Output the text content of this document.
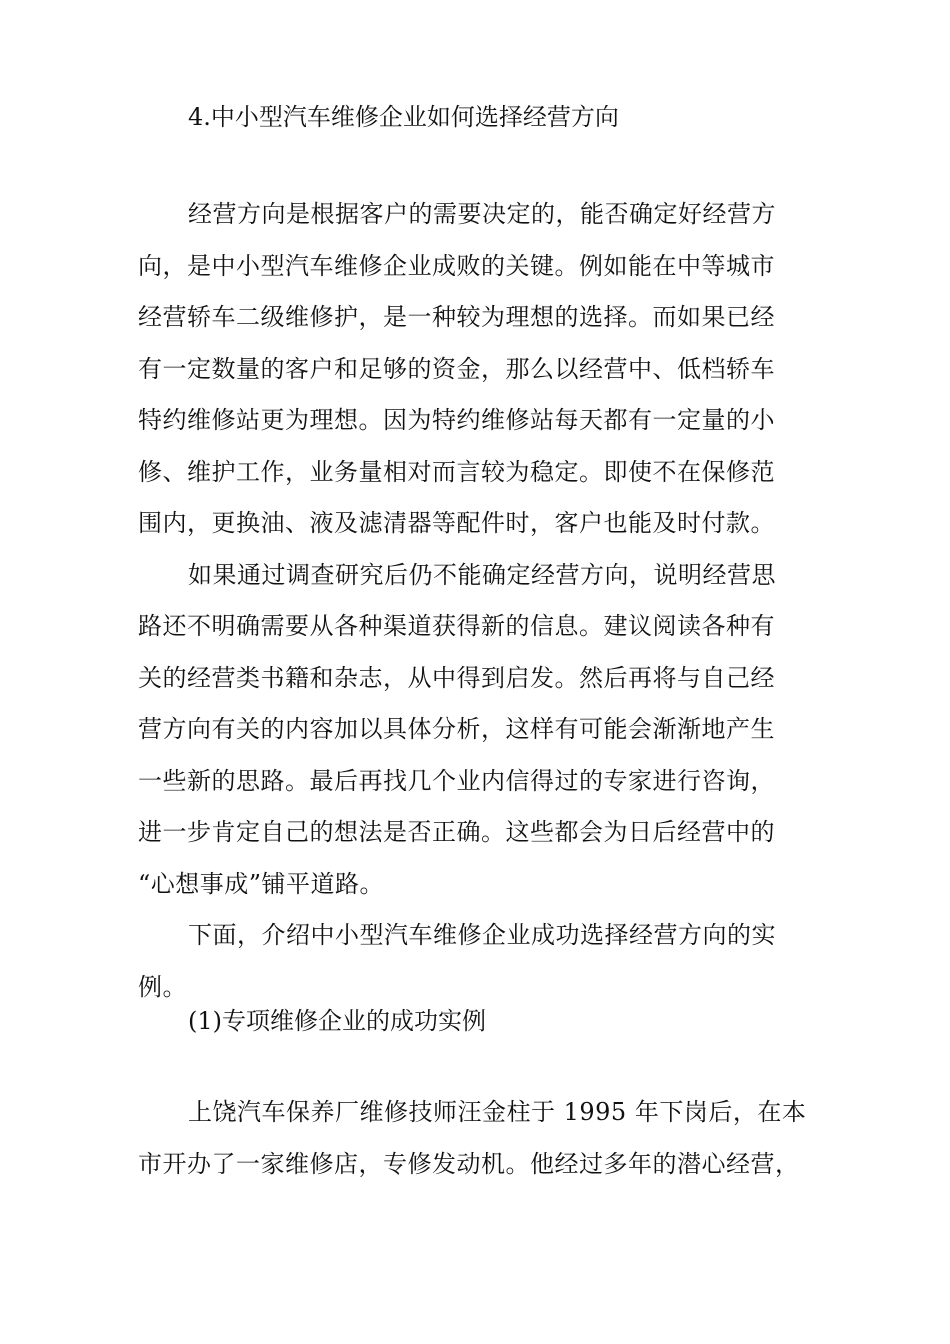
4.中小型汽车维修企业如何选择经营方向
经营方向是根据客户的需要决定的，能否确定好经营方
向，是中小型汽车维修企业成败的关键。例如能在中等城市
经营轿车二级维修护，是一种较为理想的选择。而如果已经
有一定数量的客户和足够的资金，那么以经营中、低档轿车
特约维修站更为理想。因为特约维修站每天都有一定量的小
修、维护工作，业务量相对而言较为稳定。即使不在保修范
围内，更换油、液及滤清器等配件时，客户也能及时付款。
如果通过调查研究后仍不能确定经营方向，说明经营思
路还不明确需要从各种渠道获得新的信息。建议阅读各种有
关的经营类书籍和杂志，从中得到启发。然后再将与自己经
营方向有关的内容加以具体分析，这样有可能会渐渐地产生
一些新的思路。最后再找几个业内信得过的专家进行咨询，
进一步肯定自己的想法是否正确。这些都会为日后经营中的
“心想事成”铺平道路。
下面，介绍中小型汽车维修企业成功选择经营方向的实
例。
(1)专项维修企业的成功实例
上饶汽车保养厂维修技师汪金柱于 1995 年下岗后，在本
市开办了一家维修店，专修发动机。他经过多年的潜心经营，
